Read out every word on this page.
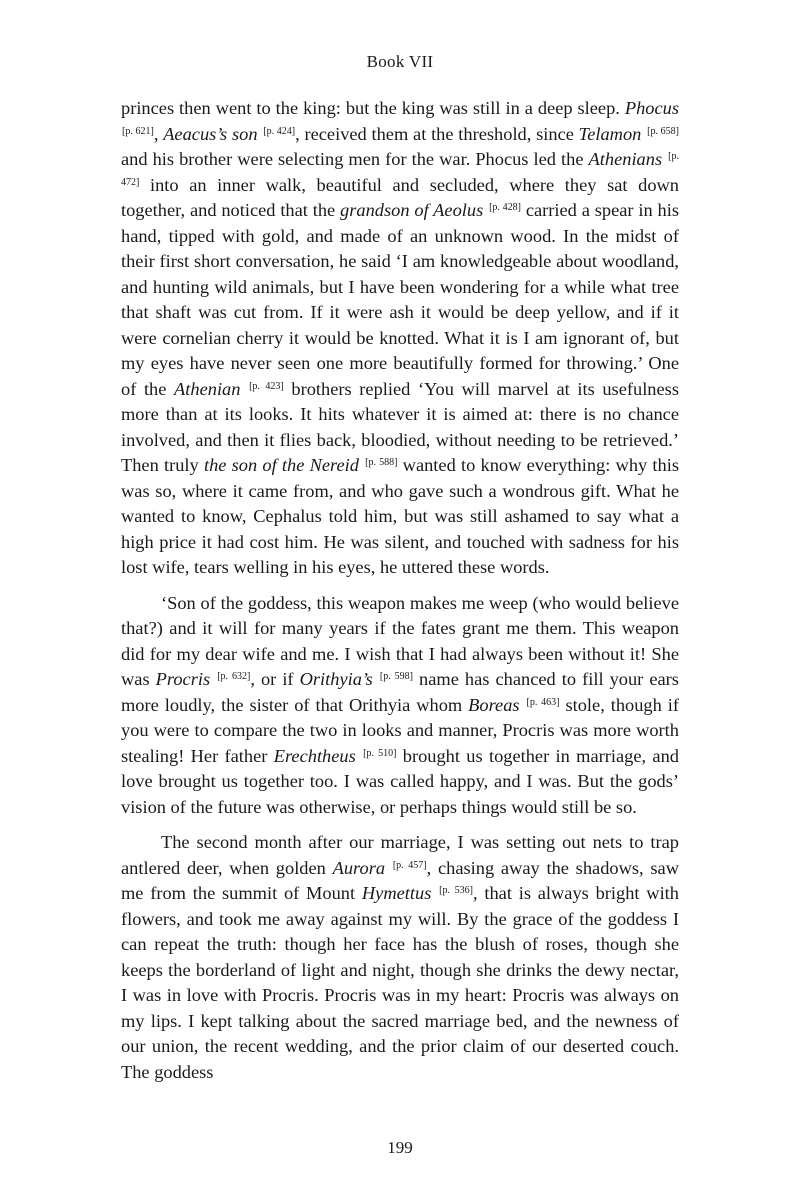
Book VII

princes then went to the king: but the king was still in a deep sleep. Phocus [p. 621], Aeacus’s son [p. 424], received them at the threshold, since Telamon [p. 658] and his brother were selecting men for the war. Phocus led the Athenians [p. 472] into an inner walk, beautiful and secluded, where they sat down together, and noticed that the grandson of Aeolus [p. 428] carried a spear in his hand, tipped with gold, and made of an unknown wood. In the midst of their first short conversation, he said ‘I am knowledgeable about woodland, and hunting wild animals, but I have been wondering for a while what tree that shaft was cut from. If it were ash it would be deep yellow, and if it were cornelian cherry it would be knotted. What it is I am ignorant of, but my eyes have never seen one more beautifully formed for throwing.’ One of the Athenian [p. 423] brothers replied ‘You will marvel at its usefulness more than at its looks. It hits whatever it is aimed at: there is no chance involved, and then it flies back, bloodied, without needing to be retrieved.’ Then truly the son of the Nereid [p. 588] wanted to know everything: why this was so, where it came from, and who gave such a wondrous gift. What he wanted to know, Cephalus told him, but was still ashamed to say what a high price it had cost him. He was silent, and touched with sadness for his lost wife, tears welling in his eyes, he uttered these words.

‘Son of the goddess, this weapon makes me weep (who would believe that?) and it will for many years if the fates grant me them. This weapon did for my dear wife and me. I wish that I had always been without it! She was Procris [p. 632], or if Orithyia’s [p. 598] name has chanced to fill your ears more loudly, the sister of that Orithyia whom Boreas [p. 463] stole, though if you were to compare the two in looks and manner, Procris was more worth stealing! Her father Erechtheus [p. 510] brought us together in marriage, and love brought us together too. I was called happy, and I was. But the gods’ vision of the future was otherwise, or perhaps things would still be so.

The second month after our marriage, I was setting out nets to trap antlered deer, when golden Aurora [p. 457], chasing away the shadows, saw me from the summit of Mount Hymettus [p. 536], that is always bright with flowers, and took me away against my will. By the grace of the goddess I can repeat the truth: though her face has the blush of roses, though she keeps the borderland of light and night, though she drinks the dewy nectar, I was in love with Procris. Procris was in my heart: Procris was always on my lips. I kept talking about the sacred marriage bed, and the newness of our union, the recent wedding, and the prior claim of our deserted couch. The goddess

199
